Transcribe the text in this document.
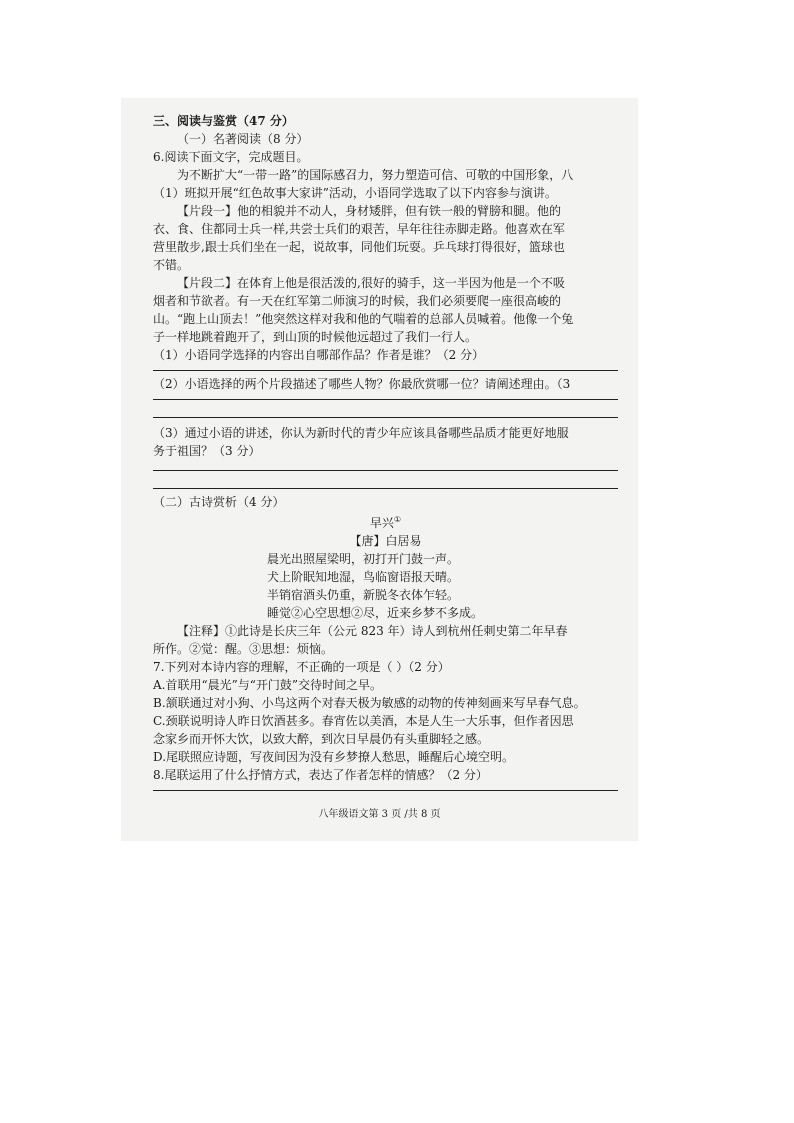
三、阅读与鉴赏（47 分）
（一）名著阅读（8 分）
6.阅读下面文字，完成题目。
为不断扩大“一带一路”的国际感召力，努力塑造可信、可敬的中国形象，八
（1）班拟开展“红色故事大家讲”活动，小语同学选取了以下内容参与演讲。
【片段一】他的相貌并不动人，身材矮胖，但有铁一般的臂膀和腿。他的
衣、食、住都同士兵一样,共尝士兵们的艰苦，早年往往赤脚走路。他喜欢在军
营里散步,跟士兵们坐在一起，说故事，同他们玩耍。乒乓球打得很好，篮球也
不错。
【片段二】在体育上他是很活泼的,很好的骑手，这一半因为他是一个不吸
烟者和节欲者。有一天在红军第二师演习的时候，我们必须要爬一座很高峻的
山。“跑上山顶去！”他突然这样对我和他的气喘着的总部人员喊着。他像一个兔
子一样地跳着跑开了，到山顶的时候他远超过了我们一行人。
（1）小语同学选择的内容出自哪部作品？作者是谁？（2 分）
（2）小语选择的两个片段描述了哪些人物？你最欣赏哪一位？请阐述理由。（3
（3）通过小语的讲述，你认为新时代的青少年应该具备哪些品质才能更好地服
务于祖国？（3 分）
（二）古诗赏析（4 分）
早兴①
【唐】白居易
晨光出照屋梁明，初打开门鼓一声。
犬上阶眠知地湿，鸟临窗语报天晴。
半销宿酒头仍重，新脱冬衣体乍轻。
睡觉②心空思想②尽，近来乡梦不多成。
【注释】①此诗是长庆三年（公元 823 年）诗人到杭州任刺史第二年早春
所作。②觉：醒。③思想：烦恼。
7.下列对本诗内容的理解，不正确的一项是（ ）（2 分）
A.首联用“晨光”与“开门鼓”交待时间之早。
B.颔联通过对小狗、小鸟这两个对春天极为敏感的动物的传神刻画来写早春气息。
C.颈联说明诗人昨日饮酒甚多。春宵佐以美酒，本是人生一大乐事，但作者因思
念家乡而开怀大饮，以致大醉，到次日早晨仍有头重脚轻之感。
D.尾联照应诗题，写夜间因为没有乡梦撩人愁思，睡醒后心境空明。
8.尾联运用了什么抒情方式，表达了作者怎样的情感？（2 分）
八年级语文第 3 页 /共 8 页
